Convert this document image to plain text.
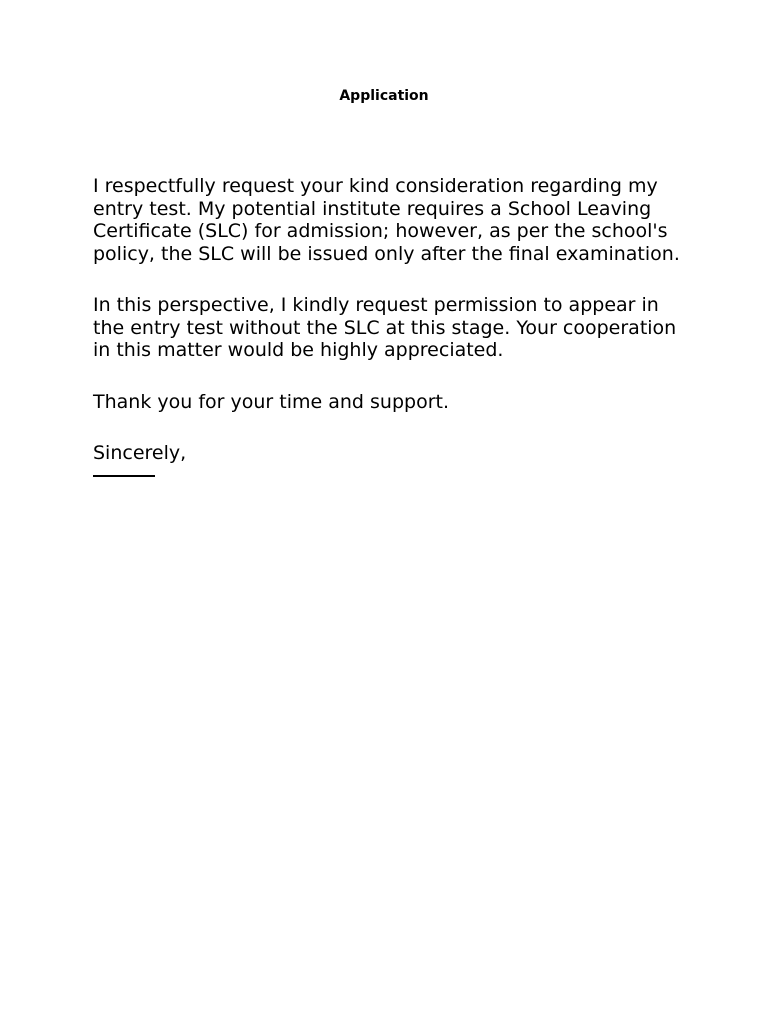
Application

I respectfully request your kind consideration regarding my entry test. My potential institute requires a School Leaving Certificate (SLC) for admission; however, as per the school's policy, the SLC will be issued only after the final examination.

In this perspective, I kindly request permission to appear in the entry test without the SLC at this stage. Your cooperation in this matter would be highly appreciated.

Thank you for your time and support.

Sincerely,
